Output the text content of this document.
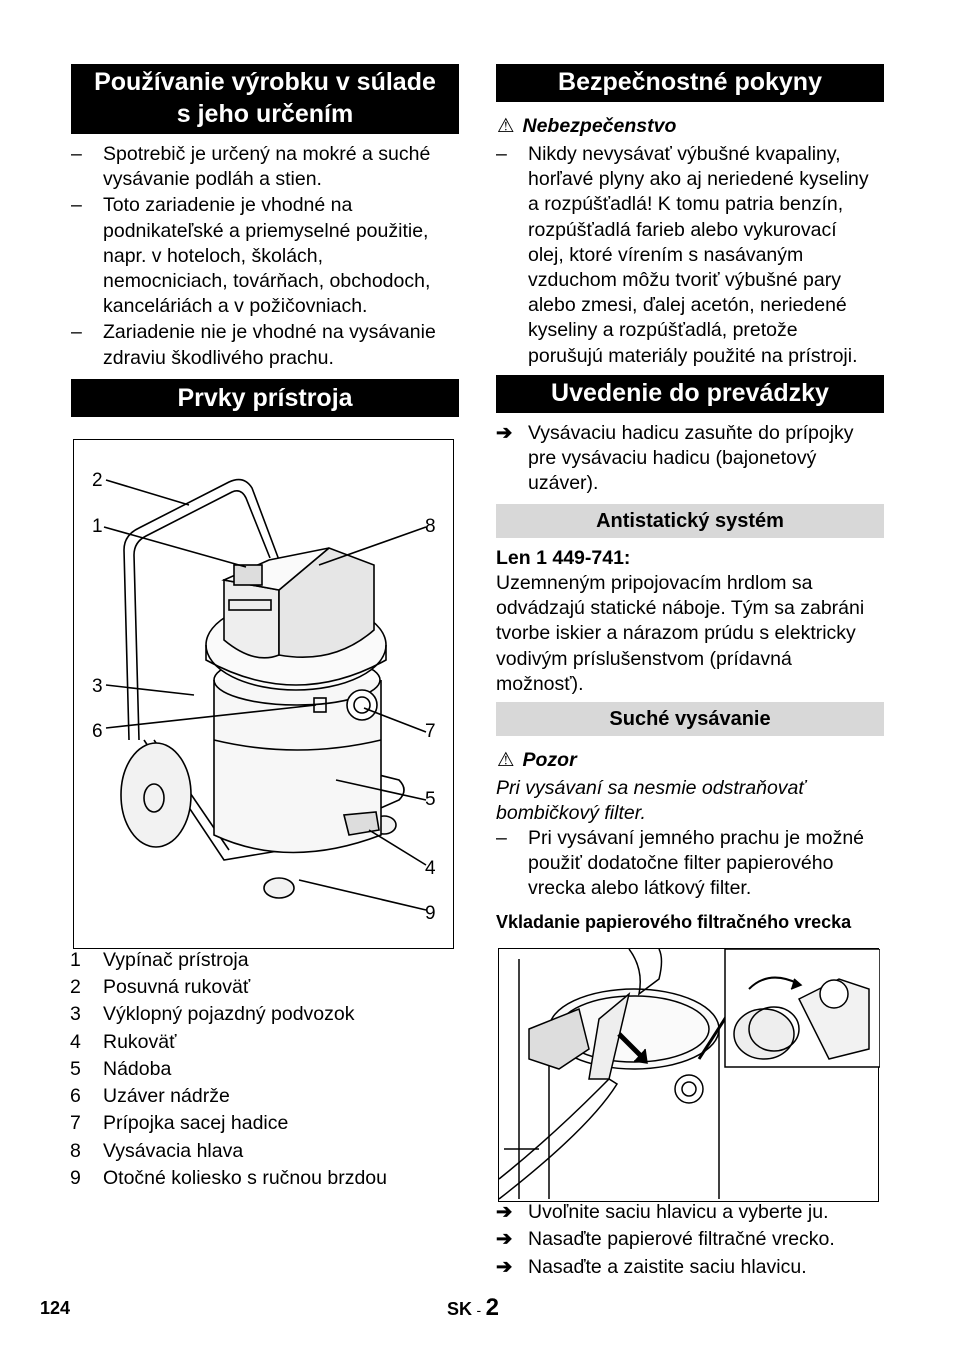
Používanie výrobku v súlade
s jeho určením
– Spotrebič je určený na mokré a suché
vysávanie podláh a stien.
– Toto zariadenie je vhodné na
podnikateľské a priemyselné použitie,
napr. v hoteloch, školách,
nemocniciach, továrňach, obchodoch,
kanceláriách a v požičovniach.
– Zariadenie nie je vhodné na vysávanie
zdraviu škodlivého prachu.
Prvky prístroja
2
1	8
3
6	7
5
4
9
1 Vypínač prístroja
2 Posuvná rukoväť
3 Výklopný pojazdný podvozok
4 Rukoväť
5 Nádoba
6 Uzáver nádrže
7 Prípojka sacej hadice
8 Vysávacia hlava
9 Otočné koliesko s ručnou brzdou
Bezpečnostné pokyny
⚠ Nebezpečenstvo
– Nikdy nevysávať výbušné kvapaliny,
horľavé plyny ako aj neriedené kyseliny
a rozpúšťadlá! K tomu patria benzín,
rozpúšťadlá farieb alebo vykurovací
olej, ktoré vírením s nasávaným
vzduchom môžu tvoriť výbušné pary
alebo zmesi, ďalej acetón, neriedené
kyseliny a rozpúšťadlá, pretože
porušujú materiály použité na prístroji.
Uvedenie do prevádzky
➔ Vysávaciu hadicu zasuňte do prípojky
pre vysávaciu hadicu (bajonetový
uzáver).
Antistatický systém
Len 1 449-741:
Uzemneným pripojovacím hrdlom sa
odvádzajú statické náboje. Tým sa zabráni
tvorbe iskier a nárazom prúdu s elektricky
vodivým príslušenstvom (prídavná
možnosť).
Suché vysávanie
⚠ Pozor
Pri vysávaní sa nesmie odstraňovať
bombičkový filter.
– Pri vysávaní jemného prachu je možné
použiť dodatočne filter papierového
vrecka alebo látkový filter.
Vkladanie papierového filtračného vrecka
➔ Uvoľnite saciu hlavicu a vyberte ju.
➔ Nasaďte papierové filtračné vrecko.
➔ Nasaďte a zaistite saciu hlavicu.
124	SK - 2
